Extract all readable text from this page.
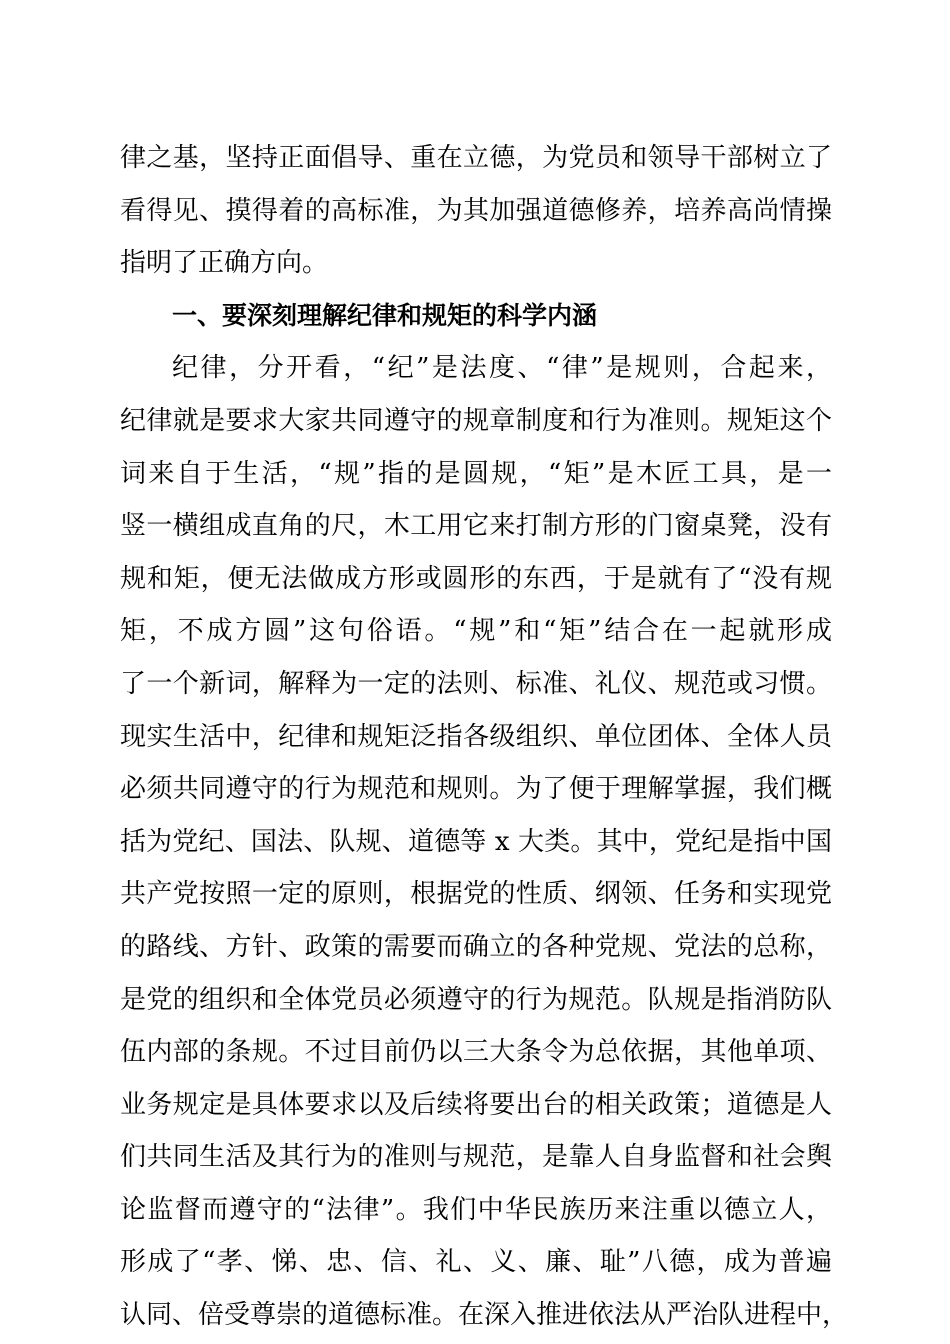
律之基，坚持正面倡导、重在立德，为党员和领导干部树立了
看得见、摸得着的高标准，为其加强道德修养，培养高尚情操
指明了正确方向。
一、要深刻理解纪律和规矩的科学内涵
纪律，分开看，“纪”是法度、“律”是规则，合起来，
纪律就是要求大家共同遵守的规章制度和行为准则。规矩这个
词来自于生活，“规”指的是圆规，“矩”是木匠工具，是一
竖一横组成直角的尺，木工用它来打制方形的门窗桌凳，没有
规和矩，便无法做成方形或圆形的东西，于是就有了“没有规
矩，不成方圆”这句俗语。“规”和“矩”结合在一起就形成
了一个新词，解释为一定的法则、标准、礼仪、规范或习惯。
现实生活中，纪律和规矩泛指各级组织、单位团体、全体人员
必须共同遵守的行为规范和规则。为了便于理解掌握，我们概
括为党纪、国法、队规、道德等 x 大类。其中，党纪是指中国
共产党按照一定的原则，根据党的性质、纲领、任务和实现党
的路线、方针、政策的需要而确立的各种党规、党法的总称，
是党的组织和全体党员必须遵守的行为规范。队规是指消防队
伍内部的条规。不过目前仍以三大条令为总依据，其他单项、
业务规定是具体要求以及后续将要出台的相关政策；道德是人
们共同生活及其行为的准则与规范，是靠人自身监督和社会舆
论监督而遵守的“法律”。我们中华民族历来注重以德立人，
形成了“孝、悌、忠、信、礼、义、廉、耻”八德，成为普遍
认同、倍受尊崇的道德标准。在深入推进依法从严治队进程中，
